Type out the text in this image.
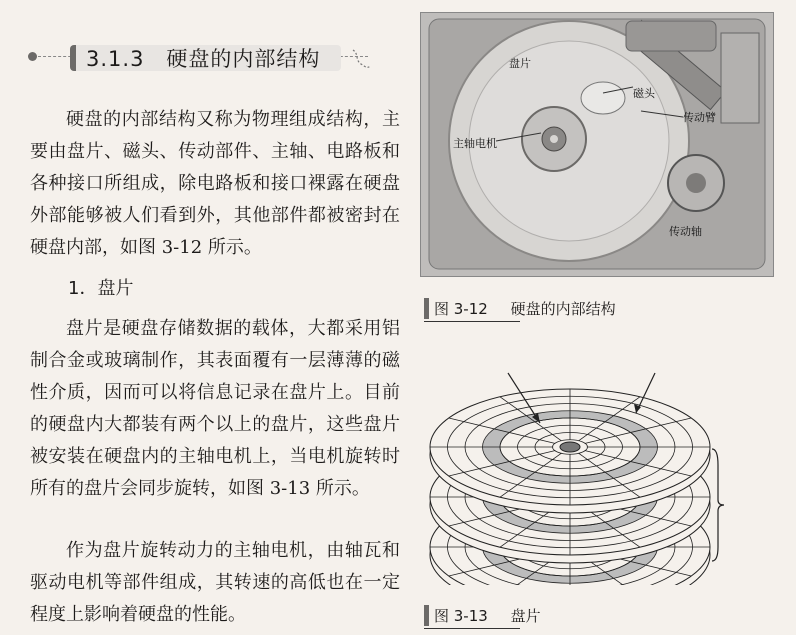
3.1.3　硬盘的内部结构

硬盘的内部结构又称为物理组成结构，主要由盘片、磁头、传动部件、主轴、电路板和各种接口所组成，除电路板和接口裸露在硬盘外部能够被人们看到外，其他部件都被密封在硬盘内部，如图 3-12 所示。

1．盘片

盘片是硬盘存储数据的载体，大都采用铝制合金或玻璃制作，其表面覆有一层薄薄的磁性介质，因而可以将信息记录在盘片上。目前的硬盘内大都装有两个以上的盘片，这些盘片被安装在硬盘内的主轴电机上，当电机旋转时所有的盘片会同步旋转，如图 3-13 所示。

作为盘片旋转动力的主轴电机，由轴瓦和驱动电机等部件组成，其转速的高低也在一定程度上影响着硬盘的性能。

盘片
磁头
传动臂
主轴电机
传动轴
图 3-12 硬盘的内部结构
图 3-13 盘片
